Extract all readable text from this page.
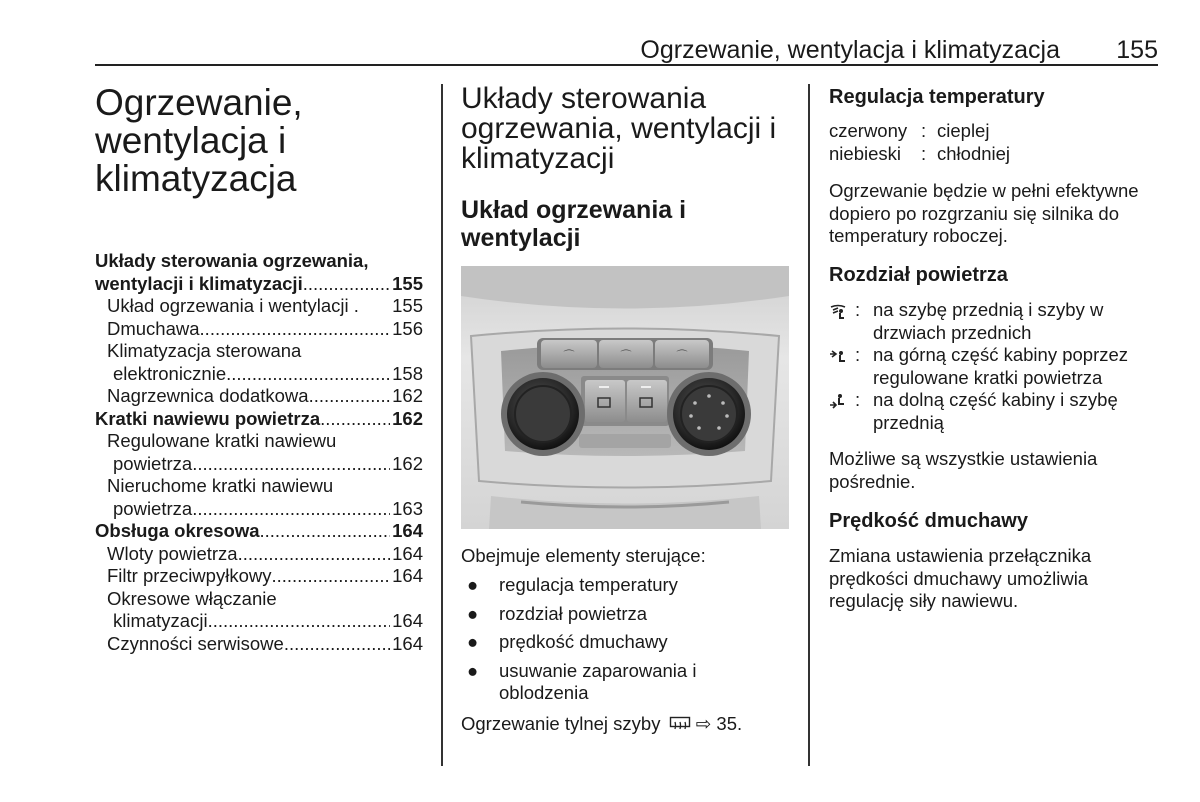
Ogrzewanie, wentylacja i klimatyzacja	155
Ogrzewanie,
wentylacja i
klimatyzacja
Układy sterowania ogrzewania,
wentylacji i klimatyzacji .....	155
Układ ogrzewania i wentylacji . 155
Dmuchawa .....	156
Klimatyzacja sterowana
elektronicznie .....	158
Nagrzewnica dodatkowa .....	162
Kratki nawiewu powietrza .....	162
Regulowane kratki nawiewu
powietrza .....	162
Nieruchome kratki nawiewu
powietrza .....	163
Obsługa okresowa .....	164
Wloty powietrza .....	164
Filtr przeciwpyłkowy .....	164
Okresowe włączanie
klimatyzacji .....	164
Czynności serwisowe .....	164
Układy sterowania
ogrzewania, wentylacji i
klimatyzacji
Układ ogrzewania i
wentylacji
⌒	⌒	⌒
Obejmuje elementy sterujące:
● regulacja temperatury
● rozdział powietrza
● prędkość dmuchawy
● usuwanie zaparowania i
oblodzenia
Ogrzewanie tylnej szyby ⇨ 35.
Regulacja temperatury
czerwony : cieplej
niebieski	: chłodniej
Ogrzewanie będzie w pełni efektywne
dopiero po rozgrzaniu się silnika do
temperatury roboczej.
Rozdział powietrza
: na szybę przednią i szyby w
drzwiach przednich
: na górną część kabiny poprzez
regulowane kratki powietrza
: na dolną część kabiny i szybę
przednią
Możliwe są wszystkie ustawienia
pośrednie.
Prędkość dmuchawy
Zmiana ustawienia przełącznika
prędkości dmuchawy umożliwia
regulację siły nawiewu.
